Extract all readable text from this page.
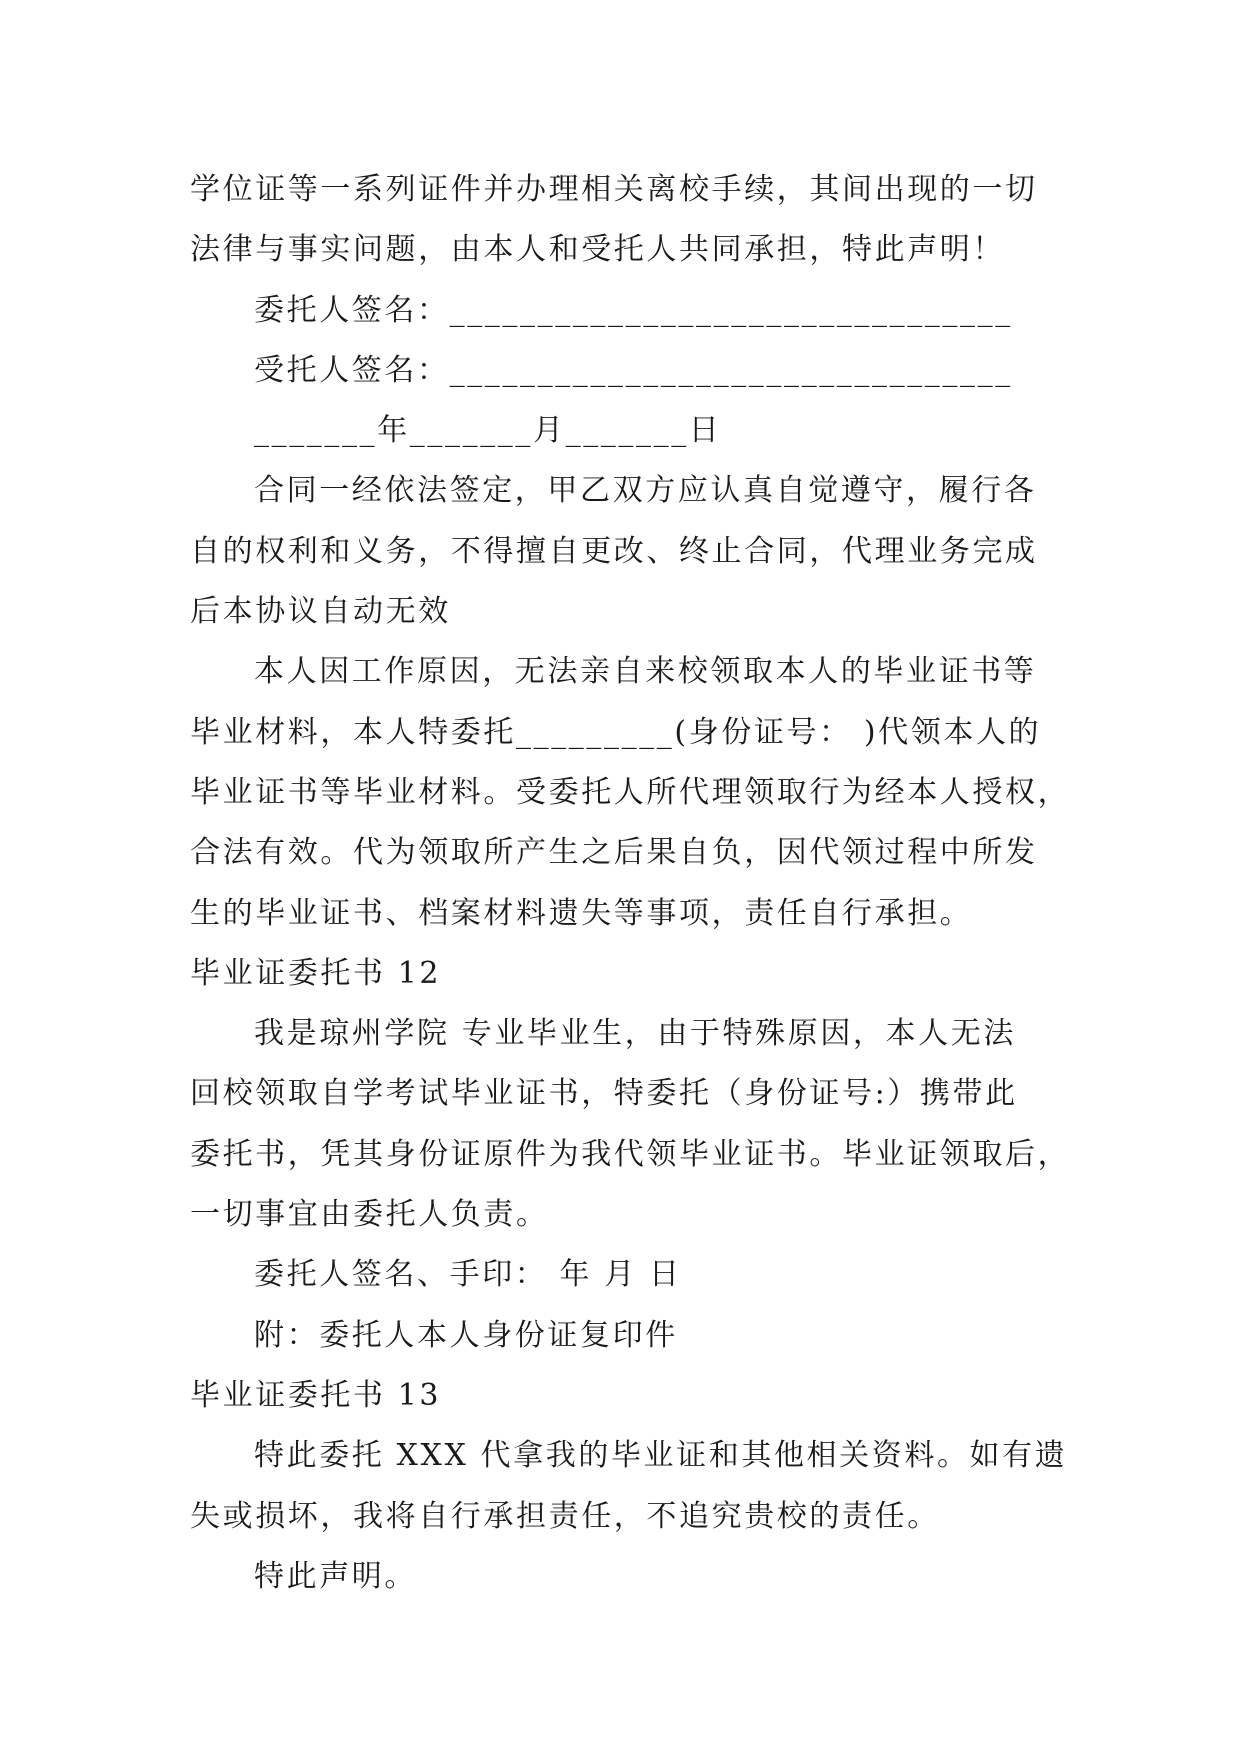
学位证等一系列证件并办理相关离校手续，其间出现的一切
法律与事实问题，由本人和受托人共同承担，特此声明！
委托人签名：________________________________
受托人签名：________________________________
_______年_______月_______日
合同一经依法签定，甲乙双方应认真自觉遵守，履行各
自的权利和义务，不得擅自更改、终止合同，代理业务完成
后本协议自动无效
本人因工作原因，无法亲自来校领取本人的毕业证书等
毕业材料，本人特委托_________(身份证号： )代领本人的
毕业证书等毕业材料。受委托人所代理领取行为经本人授权，
合法有效。代为领取所产生之后果自负，因代领过程中所发
生的毕业证书、档案材料遗失等事项，责任自行承担。
毕业证委托书 12
我是琼州学院 专业毕业生，由于特殊原因，本人无法
回校领取自学考试毕业证书，特委托（身份证号:）携带此
委托书，凭其身份证原件为我代领毕业证书。毕业证领取后，
一切事宜由委托人负责。
委托人签名、手印： 年 月 日
附：委托人本人身份证复印件
毕业证委托书 13
特此委托 XXX 代拿我的毕业证和其他相关资料。如有遗
失或损坏，我将自行承担责任，不追究贵校的责任。
特此声明。
